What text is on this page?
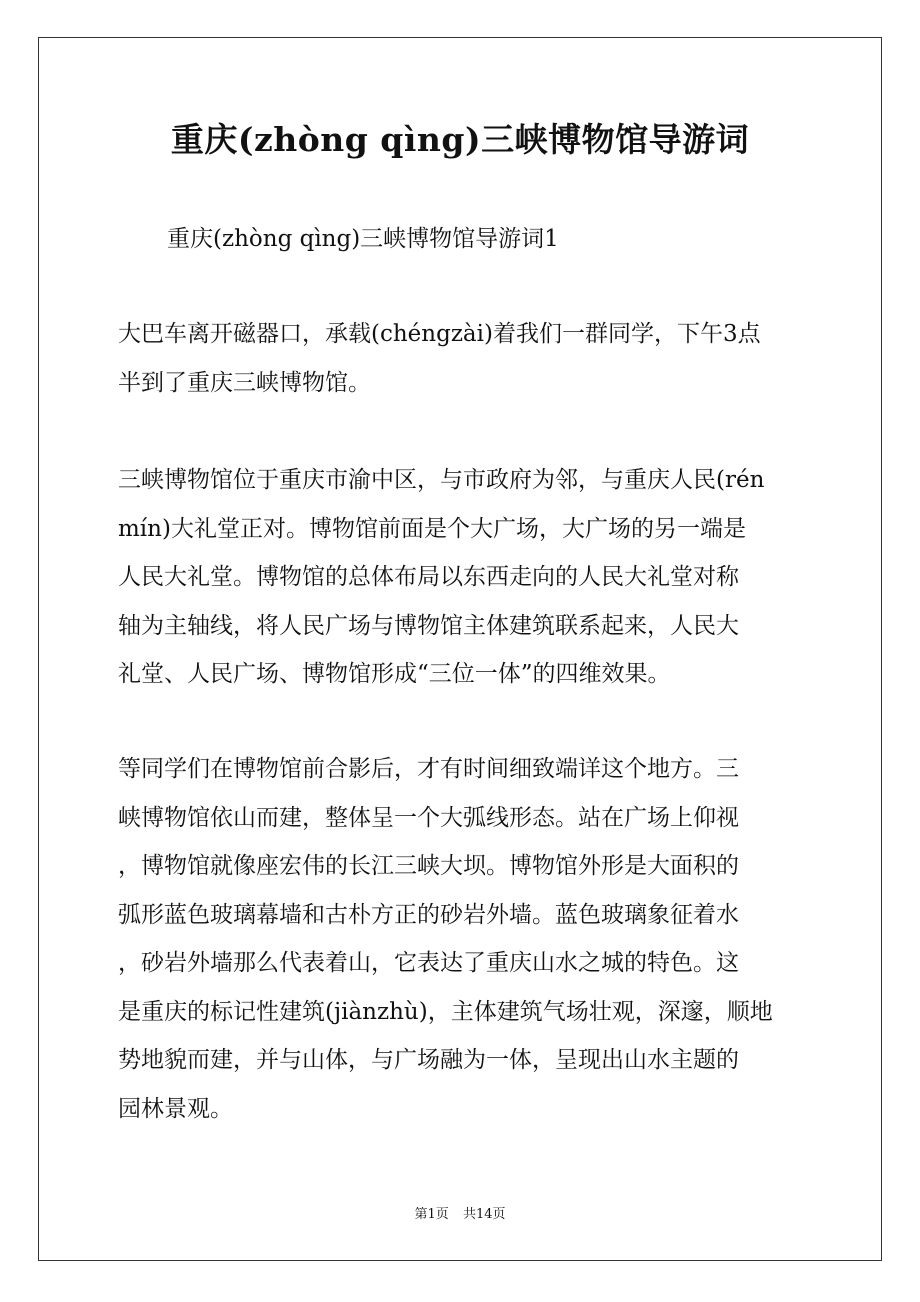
重庆(zhòng qìng)三峡博物馆导游词
重庆(zhòng qìng)三峡博物馆导游词1
大巴车离开磁器口，承载(chéngzài)着我们一群同学，下午3点
半到了重庆三峡博物馆。
三峡博物馆位于重庆市渝中区，与市政府为邻，与重庆人民(rén
mín)大礼堂正对。博物馆前面是个大广场，大广场的另一端是
人民大礼堂。博物馆的总体布局以东西走向的人民大礼堂对称
轴为主轴线，将人民广场与博物馆主体建筑联系起来，人民大
礼堂、人民广场、博物馆形成“三位一体”的四维效果。
等同学们在博物馆前合影后，才有时间细致端详这个地方。三
峡博物馆依山而建，整体呈一个大弧线形态。站在广场上仰视
，博物馆就像座宏伟的长江三峡大坝。博物馆外形是大面积的
弧形蓝色玻璃幕墙和古朴方正的砂岩外墙。蓝色玻璃象征着水
，砂岩外墙那么代表着山，它表达了重庆山水之城的特色。这
是重庆的标记性建筑(jiànzhù)，主体建筑气场壮观，深邃，顺地
势地貌而建，并与山体，与广场融为一体，呈现出山水主题的
园林景观。
第1页 共14页
